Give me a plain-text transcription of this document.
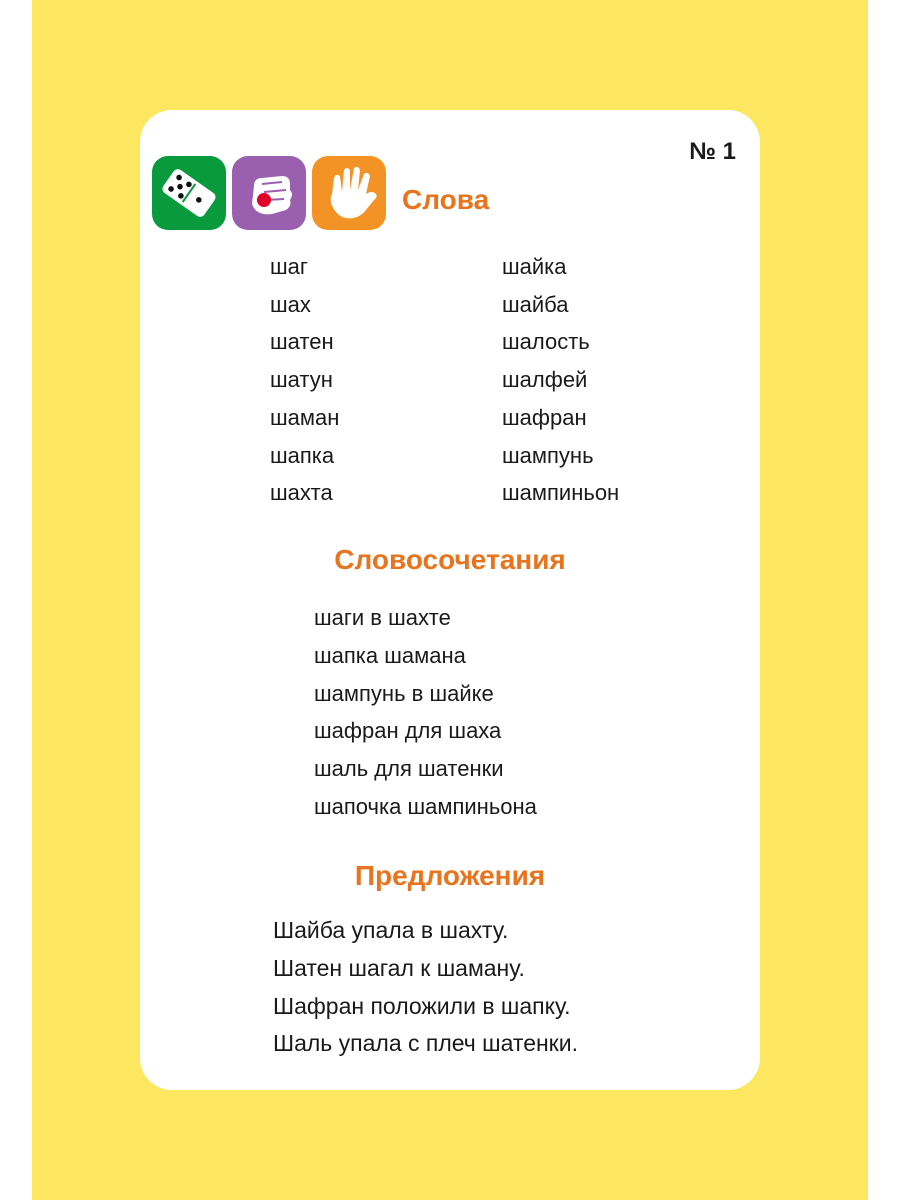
№ 1
Слова
шаг
шах
шатен
шатун
шаман
шапка
шахта
шайка
шайба
шалость
шалфей
шафран
шампунь
шампиньон
Словосочетания
шаги в шахте
шапка шамана
шампунь в шайке
шафран для шаха
шаль для шатенки
шапочка шампиньона
Предложения
Шайба упала в шахту.
Шатен шагал к шаману.
Шафран положили в шапку.
Шаль упала с плеч шатенки.
